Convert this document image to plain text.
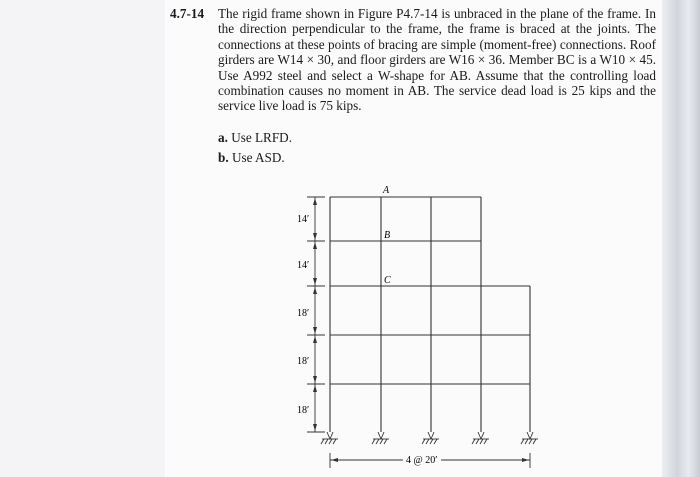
4.7-14 The rigid frame shown in Figure P4.7-14 is unbraced in the plane of the frame. In the direction perpendicular to the frame, the frame is braced at the joints. The connections at these points of bracing are simple (moment-free) connections. Roof girders are W14 × 30, and floor girders are W16 × 36. Member BC is a W10 × 45. Use A992 steel and select a W-shape for AB. Assume that the controlling load combination causes no moment in AB. The service dead load is 25 kips and the service live load is 75 kips.
a. Use LRFD.
b. Use ASD.
14′
14′
18′
18′
18′
A
B
C
4 @ 20′
